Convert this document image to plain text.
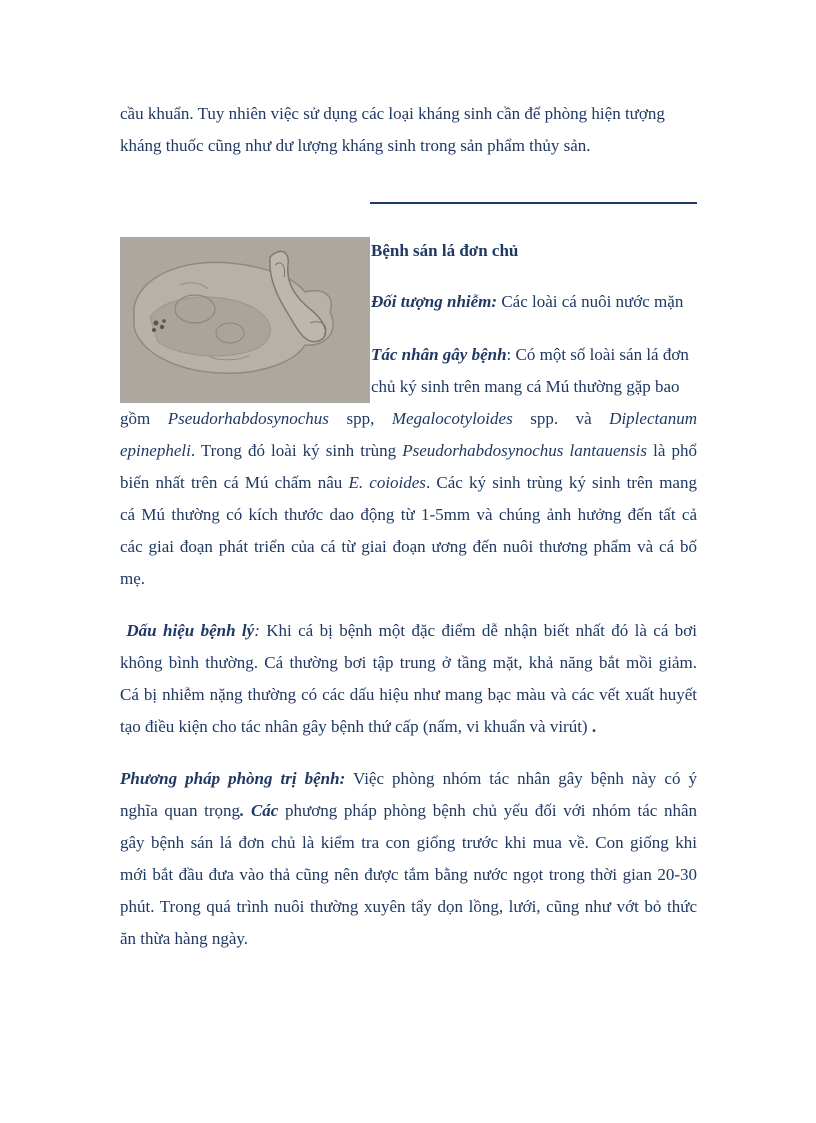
cầu khuẩn. Tuy nhiên việc sử dụng các loại kháng sinh cần để phòng hiện tượng
kháng thuốc cũng như dư lượng kháng sinh trong sản phẩm thủy sản.
Bệnh sán lá đơn chủ
Đối tượng nhiễm: Các loài cá nuôi nước mặn
Tác nhân gây bệnh: Có một số loài sán lá đơn
chủ ký sinh trên mang cá Mú thường gặp bao
gồm Pseudorhabdosynochus spp, Megalocotyloides spp. và Diplectanum
epinepheli. Trong đó loài ký sinh trùng Pseudorhabdosynochus lantauensis là phổ
biến nhất trên cá Mú chấm nâu E. coioides. Các ký sinh trùng ký sinh trên mang
cá Mú thường có kích thước dao động từ 1-5mm và chúng ảnh hưởng đến tất cả
các giai đoạn phát triển của cá từ giai đoạn ương đến nuôi thương phẩm và cá bố
mẹ.
Dấu hiệu bệnh lý: Khi cá bị bệnh một đặc điểm dễ nhận biết nhất đó là cá bơi
không bình thường. Cá thường bơi tập trung ở tầng mặt, khả năng bắt mồi giảm.
Cá bị nhiễm nặng thường có các dấu hiệu như mang bạc màu và các vết xuất huyết
tạo điều kiện cho tác nhân gây bệnh thứ cấp (nấm, vi khuẩn và virút) .
Phương pháp phòng trị bệnh: Việc phòng nhóm tác nhân gây bệnh này có ý
nghĩa quan trọng. Các phương pháp phòng bệnh chủ yếu đối với nhóm tác nhân
gây bệnh sán lá đơn chủ là kiểm tra con giống trước khi mua về. Con giống khi
mới bắt đầu đưa vào thả cũng nên được tắm bằng nước ngọt trong thời gian 20-30
phút. Trong quá trình nuôi thường xuyên tẩy dọn lồng, lưới, cũng như vớt bỏ thức
ăn thừa hàng ngày.
